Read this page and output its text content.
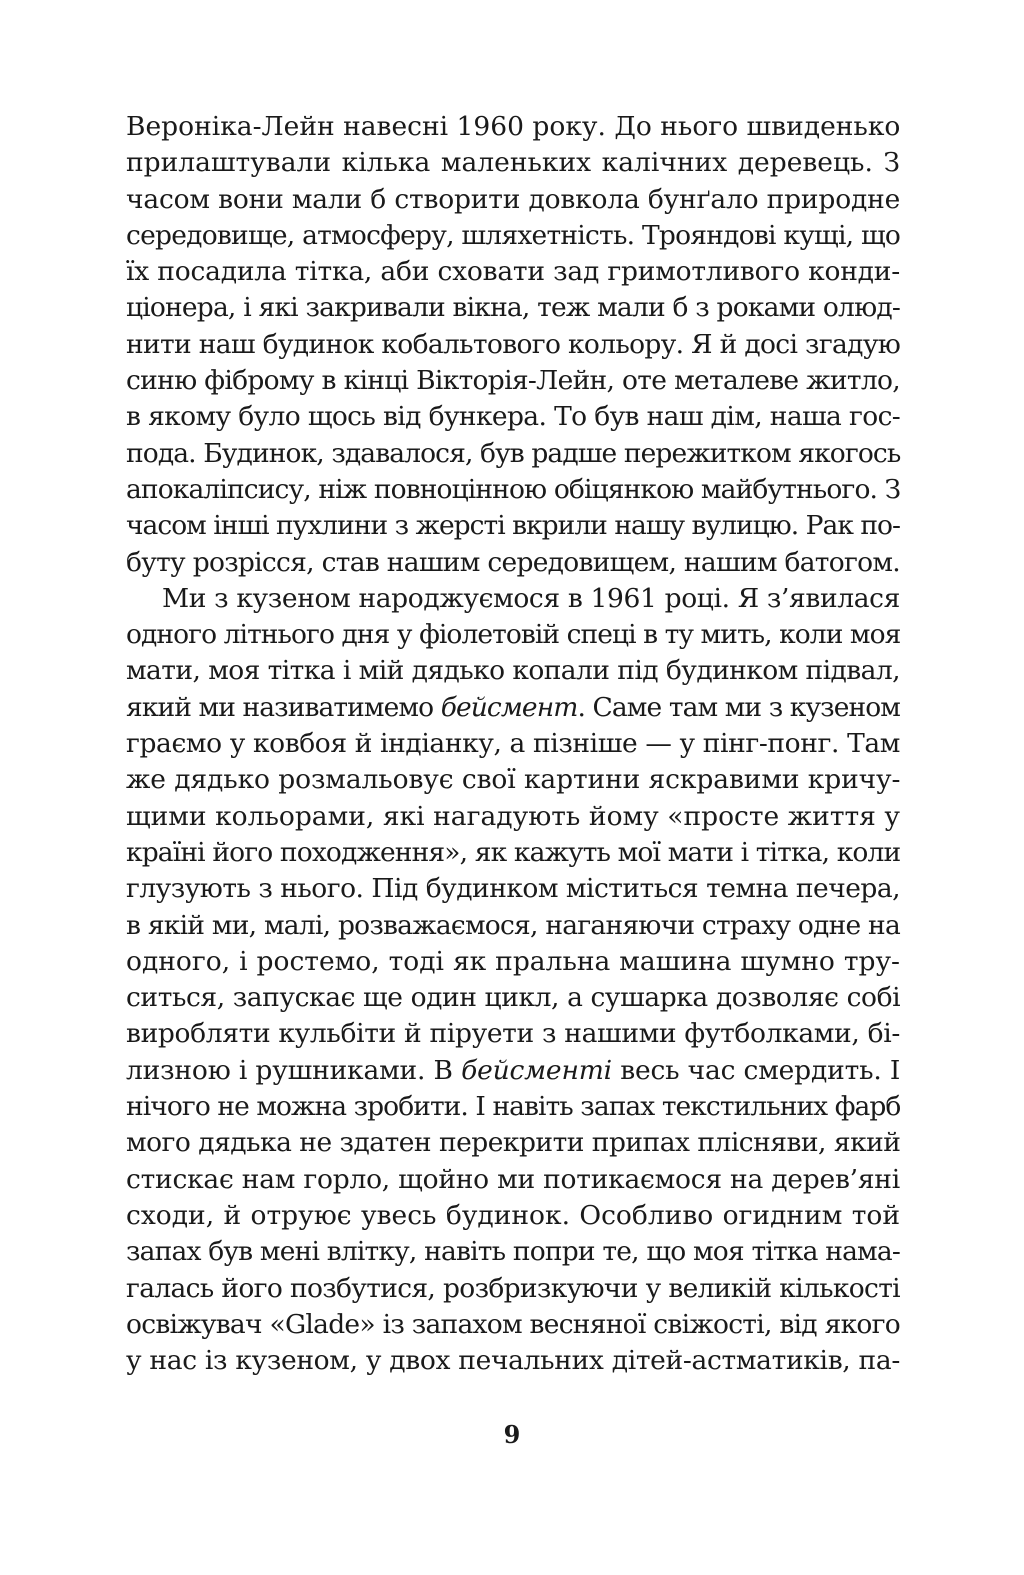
Вероніка-Лейн навесні 1960 року. До нього швиденько
прилаштували кілька маленьких калічних деревець. З
часом вони мали б створити довкола бунґало природне
середовище, атмосферу, шляхетність. Трояндові кущі, що
їх посадила тітка, аби сховати зад гримотливого конди-
ціонера, і які закривали вікна, теж мали б з роками олюд-
нити наш будинок кобальтового кольору. Я й досі згадую
синю фіброму в кінці Вікторія-Лейн, оте металеве житло,
в якому було щось від бункера. То був наш дім, наша гос-
пода. Будинок, здавалося, був радше пережитком якогось
апокаліпсису, ніж повноцінною обіцянкою майбутнього. З
часом інші пухлини з жерсті вкрили нашу вулицю. Рак по-
буту розрісся, став нашим середовищем, нашим батогом.
Ми з кузеном народжуємося в 1961 році. Я з’явилася
одного літнього дня у фіолетовій спеці в ту мить, коли моя
мати, моя тітка і мій дядько копали під будинком підвал,
який ми називатимемо бейсмент. Саме там ми з кузеном
граємо у ковбоя й індіанку, а пізніше — у пінг-понг. Там
же дядько розмальовує свої картини яскравими кричу-
щими кольорами, які нагадують йому «просте життя у
країні його походження», як кажуть мої мати і тітка, коли
глузують з нього. Під будинком міститься темна печера,
в якій ми, малі, розважаємося, наганяючи страху одне на
одного, і ростемо, тоді як пральна машина шумно тру-
ситься, запускає ще один цикл, а сушарка дозволяє собі
виробляти кульбіти й піруети з нашими футболками, бі-
лизною і рушниками. В бейсменті весь час смердить. І
нічого не можна зробити. І навіть запах текстильних фарб
мого дядька не здатен перекрити припах плісняви, який
стискає нам горло, щойно ми потикаємося на дерев’яні
сходи, й отруює увесь будинок. Особливо огидним той
запах був мені влітку, навіть попри те, що моя тітка нама-
галась його позбутися, розбризкуючи у великій кількості
освіжувач «Glade» із запахом весняної свіжості, від якого
у нас із кузеном, у двох печальних дітей-астматиків, па-
9
